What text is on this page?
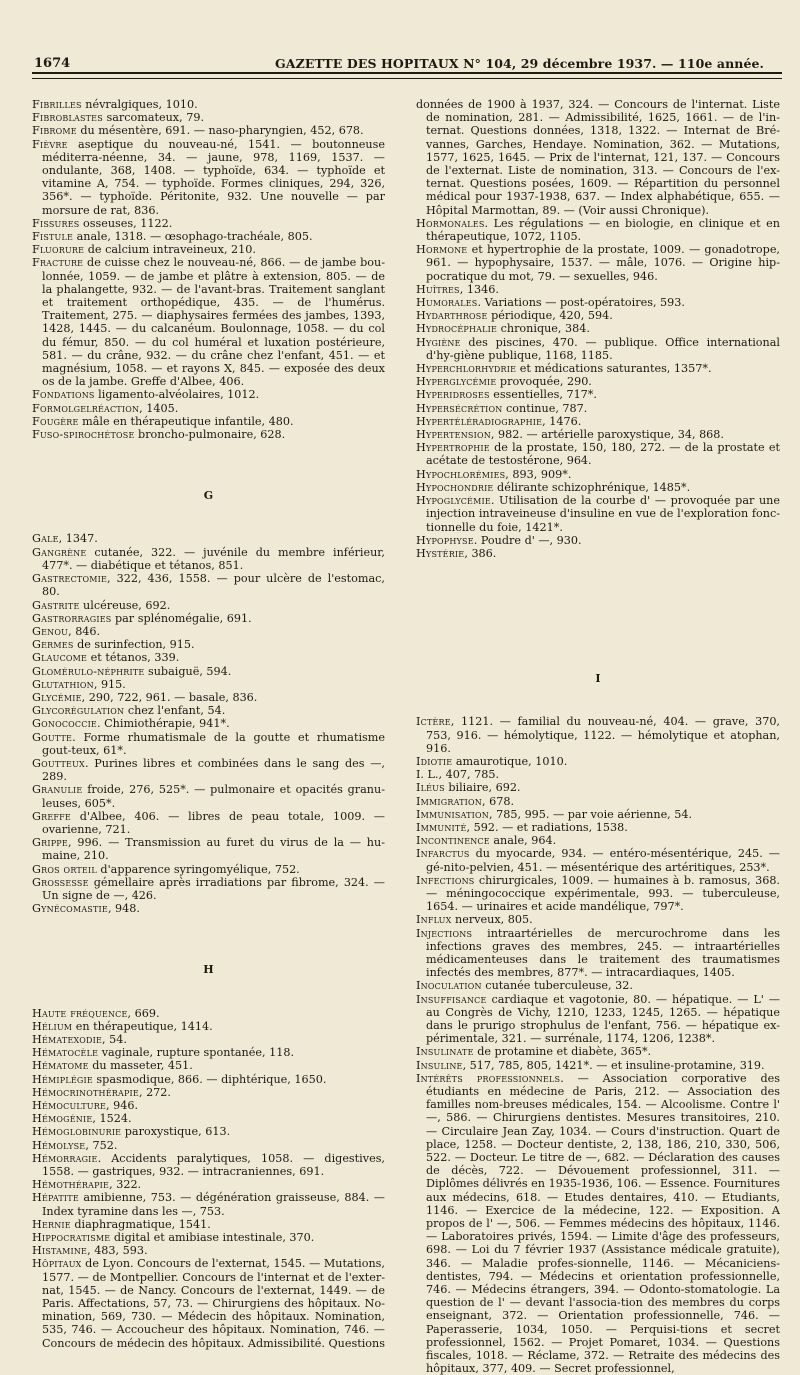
1674	GAZETTE DES HOPITAUX N° 104, 29 décembre 1937. — 110e année.

Fibrilles névralgiques, 1010.

Fibroblastes sarcomateux, 79.

Fibrome du mésentère, 691. — naso-pharyngien, 452, 678.

Fièvre aseptique du nouveau-né, 1541. — boutonneuse méditerra-néenne, 34. — jaune, 978, 1169, 1537. — ondulante, 368, 1408. — typhoïde, 634. — typhoïde et vitamine A, 754. — typhoïde. Formes cliniques, 294, 326, 356*. — typhoïde. Péritonite, 932. Une nouvelle — par morsure de rat, 836.

Fissures osseuses, 1122.

Fistule anale, 1318. — œsophago-trachéale, 805.

Fluorure de calcium intraveineux, 210.

Fracture de cuisse chez le nouveau-né, 866. — de jambe bou-lonnée, 1059. — de jambe et plâtre à extension, 805. — de la phalangette, 932. — de l'avant-bras. Traitement sanglant et traitement orthopédique, 435. — de l'humérus. Traitement, 275. — diaphysaires fermées des jambes, 1393, 1428, 1445. — du calcanéum. Boulonnage, 1058. — du col du fémur, 850. — du col huméral et luxation postérieure, 581. — du crâne, 932. — du crâne chez l'enfant, 451. — et magnésium, 1058. — et rayons X, 845. — exposée des deux os de la jambe. Greffe d'Albee, 406.

Fondations ligamento-alvéolaires, 1012.

Formolgelréaction, 1405.

Fougère mâle en thérapeutique infantile, 480.

Fuso-spirochétose broncho-pulmonaire, 628.

G

Gale, 1347.

Gangrène cutanée, 322. — juvénile du membre inférieur, 477*. — diabétique et tétanos, 851.

Gastrectomie, 322, 436, 1558. — pour ulcère de l'estomac, 80.

Gastrite ulcéreuse, 692.

Gastrorragies par splénomégalie, 691.

Genou, 846.

Germes de surinfection, 915.

Glaucome et tétanos, 339.

Glomérulo-néphrite subaiguë, 594.

Glutathion, 915.

Glycémie, 290, 722, 961. — basale, 836.

Glycorégulation chez l'enfant, 54.

Gonococcie. Chimiothérapie, 941*.

Goutte. Forme rhumatismale de la goutte et rhumatisme gout-teux, 61*.

Goutteux. Purines libres et combinées dans le sang des —, 289.

Granulie froide, 276, 525*. — pulmonaire et opacités granu-leuses, 605*.

Greffe d'Albee, 406. — libres de peau totale, 1009. — ovarienne, 721.

Grippe, 996. — Transmission au furet du virus de la — hu-maine, 210.

Gros orteil d'apparence syringomyélique, 752.

Grossesse gémellaire après irradiations par fibrome, 324. — Un signe de —, 426.

Gynécomastie, 948.

H

Haute fréquence, 669.

Hélium en thérapeutique, 1414.

Hématexodie, 54.

Hématocèle vaginale, rupture spontanée, 118.

Hématome du masseter, 451.

Hémiplégie spasmodique, 866. — diphtérique, 1650.

Hémocrinothérapie, 272.

Hémoculture, 946.

Hémogénie, 1524.

Hémoglobinurie paroxystique, 613.

Hémolyse, 752.

Hémorragie. Accidents paralytiques, 1058. — digestives, 1558. — gastriques, 932. — intracraniennes, 691.

Hémothérapie, 322.

Hépatite amibienne, 753. — dégénération graisseuse, 884. — Index tyramine dans les —, 753.

Hernie diaphragmatique, 1541.

Hippocratisme digital et amibiase intestinale, 370.

Histamine, 483, 593.

Hôpitaux de Lyon. Concours de l'externat, 1545. — Mutations, 1577. — de Montpellier. Concours de l'internat et de l'exter-nat, 1545. — de Nancy. Concours de l'externat, 1449. — de Paris. Affectations, 57, 73. — Chirurgiens des hôpitaux. No-mination, 569, 730. — Médecin des hôpitaux. Nomination, 535, 746. — Accoucheur des hôpitaux. Nomination, 746. — Concours de médecin des hôpitaux. Admissibilité. Questions

données de 1900 à 1937, 324. — Concours de l'internat. Liste de nomination, 281. — Admissibilité, 1625, 1661. — de l'in-ternat. Questions données, 1318, 1322. — Internat de Bré-vannes, Garches, Hendaye. Nomination, 362. — Mutations, 1577, 1625, 1645. — Prix de l'internat, 121, 137. — Concours de l'externat. Liste de nomination, 313. — Concours de l'ex-ternat. Questions posées, 1609. — Répartition du personnel médical pour 1937-1938, 637. — Index alphabétique, 655. — Hôpital Marmottan, 89. — (Voir aussi Chronique).

Hormonales. Les régulations — en biologie, en clinique et en thérapeutique, 1072, 1105.

Hormone et hypertrophie de la prostate, 1009. — gonadotrope, 961. — hypophysaire, 1537. — mâle, 1076. — Origine hip-pocratique du mot, 79. — sexuelles, 946.

Huîtres, 1346.

Humorales. Variations — post-opératoires, 593.

Hydarthrose périodique, 420, 594.

Hydrocéphalie chronique, 384.

Hygiène des piscines, 470. — publique. Office international d'hy-giène publique, 1168, 1185.

Hyperchlorhydrie et médications saturantes, 1357*.

Hyperglycémie provoquée, 290.

Hyperidroses essentielles, 717*.

Hypersécrétion continue, 787.

Hypertéléradiographie, 1476.

Hypertension, 982. — artérielle paroxystique, 34, 868.

Hypertrophie de la prostate, 150, 180, 272. — de la prostate et acétate de testostérone, 964.

Hypochlorémies, 893, 909*.

Hypochondrie délirante schizophrénique, 1485*.

Hypoglycémie. Utilisation de la courbe d' — provoquée par une injection intraveineuse d'insuline en vue de l'exploration fonc-tionnelle du foie, 1421*.

Hypophyse. Poudre d' —, 930.

Hystérie, 386.

I

Ictère, 1121. — familial du nouveau-né, 404. — grave, 370, 753, 916. — hémolytique, 1122. — hémolytique et atophan, 916.

Idiotie amaurotique, 1010.

I. L., 407, 785.

Iléus biliaire, 692.

Immigration, 678.

Immunisation, 785, 995. — par voie aérienne, 54.

Immunité, 592. — et radiations, 1538.

Incontinence anale, 964.

Infarctus du myocarde, 934. — entéro-mésentérique, 245. — gé-nito-pelvien, 451. — mésentérique des artéritiques, 253*.

Infections chirurgicales, 1009. — humaines à b. ramosus, 368. — méningococcique expérimentale, 993. — tuberculeuse, 1654. — urinaires et acide mandélique, 797*.

Influx nerveux, 805.

Injections intraartérielles de mercurochrome dans les infections graves des membres, 245. — intraartérielles médicamenteuses dans le traitement des traumatismes infectés des membres, 877*. — intracardiaques, 1405.

Inoculation cutanée tuberculeuse, 32.

Insuffisance cardiaque et vagotonie, 80. — hépatique. — L' — au Congrès de Vichy, 1210, 1233, 1245, 1265. — hépatique dans le prurigo strophulus de l'enfant, 756. — hépatique ex-périmentale, 321. — surrénale, 1174, 1206, 1238*.

Insulinate de protamine et diabète, 365*.

Insuline, 517, 785, 805, 1421*. — et insuline-protamine, 319.

Intérêts professionnels. — Association corporative des étudiants en médecine de Paris, 212. — Association des familles nom-breuses médicales, 154. — Alcoolisme. Contre l' —, 586. — Chirurgiens dentistes. Mesures transitoires, 210. — Circulaire Jean Zay, 1034. — Cours d'instruction. Quart de place, 1258. — Docteur dentiste, 2, 138, 186, 210, 330, 506, 522. — Docteur. Le titre de —, 682. — Déclaration des causes de décès, 722. — Dévouement professionnel, 311. — Diplômes délivrés en 1935-1936, 106. — Essence. Fournitures aux médecins, 618. — Etudes dentaires, 410. — Etudiants, 1146. — Exercice de la médecine, 122. — Exposition. A propos de l' —, 506. — Femmes médecins des hôpitaux, 1146. — Laboratoires privés, 1594. — Limite d'âge des professeurs, 698. — Loi du 7 février 1937 (Assistance médicale gratuite), 346. — Maladie profes-sionnelle, 1146. — Mécaniciens-dentistes, 794. — Médecins et orientation professionnelle, 746. — Médecins étrangers, 394. — Odonto-stomatologie. La question de l' — devant l'associa-tion des membres du corps enseignant, 372. — Orientation professionnelle, 746. — Paperasserie, 1034, 1050. — Perquisi-tions et secret professionnel, 1562. — Projet Pomaret, 1034. — Questions fiscales, 1018. — Réclame, 372. — Retraite des médecins des hôpitaux, 377, 409. — Secret professionnel,
